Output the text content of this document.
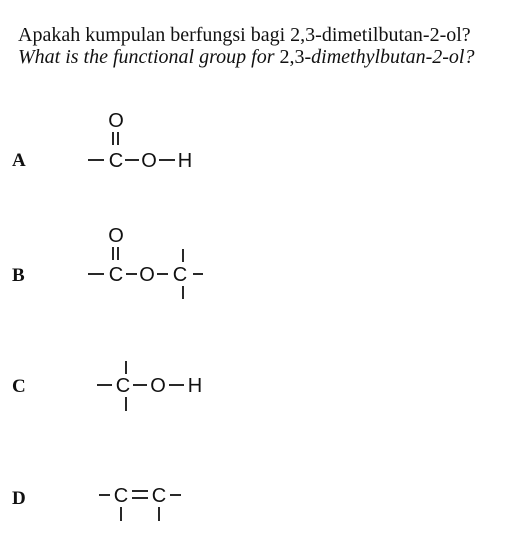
Apakah kumpulan berfungsi bagi 2,3-dimetilbutan-2-ol?
What is the functional group for 2,3-dimethylbutan-2-ol?
A
B
C
D
O
C O H
O
C O C
C O H
C C
